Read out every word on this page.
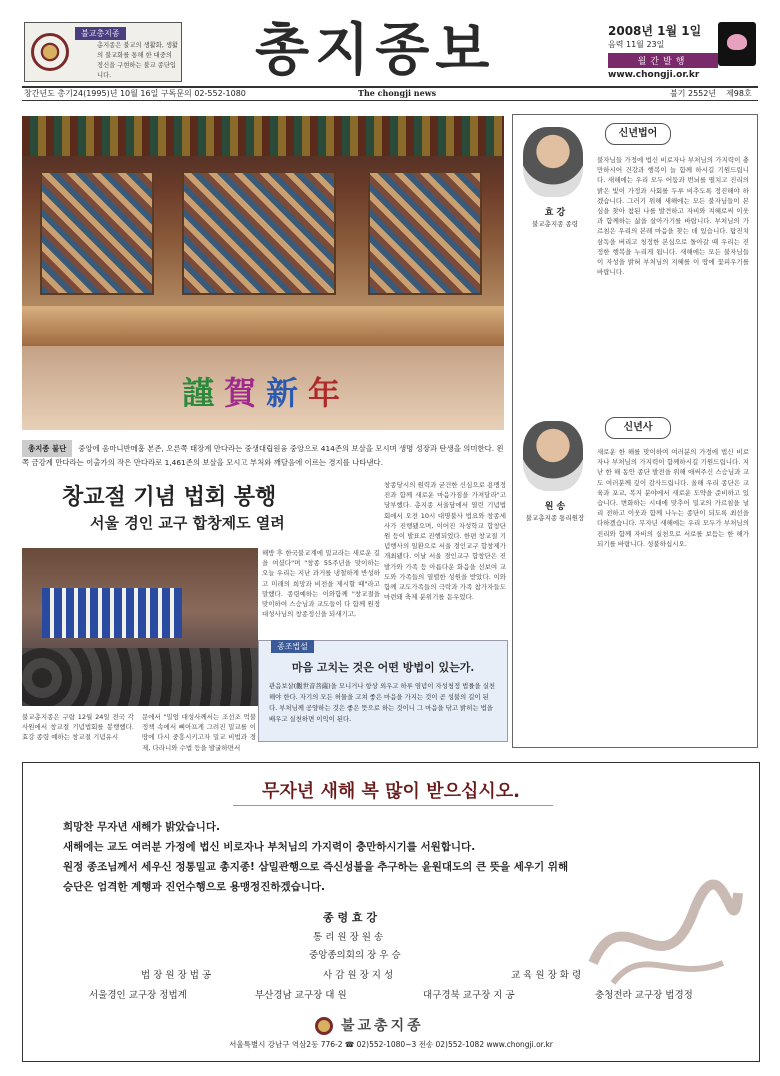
불교총지종
총지종은 불교의 생활화, 생활의 불교화를 통해 한 대중의 정신을 구현하는 불교 종단입니다.	총지종보	2008년 1월 1일
음력 11월 23일
월간발행
www.chongji.or.kr
창간년도 총기24(1995)년 10월 16일 구독문의 02-552-1080	The chongji news	불기 2552년 제98호
謹賀新年
총지종 불단 중앙에 옴마니반메훔 본존, 오른쪽 태장계 만다라는 중생대립원융 중앙으로 414존의 보살을 모시며 생명 성장과 탄생을 의미한다. 왼쪽 금강계 만다라는 이출가의 작은 만다라로 1,461존의 보살을 모시고 부처와 깨달음에 이르는 경지를 나타낸다.
창교절 기념 법회 봉행
서울 경인 교구 합창제도 열려
불교총지종은 구랍 12월 24일 전국 각 사원에서 창교절 기념법회를 봉행했다. 효강 종령 예하는 창교절 기념유시
문에서 "밀엄 대성사께서는 조선조 억불정책 속에서 뼈아프게 그려진 밀교를 이 땅에 다시 중흥시키고자 밀교 비법과 경제, 다라니와 수법 등을 발굴하면서
해방 후 한국불교계에 밀교라는 새로운 길을 여셨다"며 "창종 55주년을 맞이하는 오늘 우리는 지난 과거를 냉철하게 반성하고 미래의 희망과 비전을 제시할 때"라고 말했다. 종령예하는 이와함께 "창교절을 맞이하여 스승님과 교도들이 다 함께 원정 대성사님의 창종정신을 되새기고,
창종당시의 원력과 굳건한 신심으로 용맹정진과 함께 새로운 마음가짐을 가져달라"고 당부했다. 총지종 서울담에서 열린 기념법회에서 오전 10시 대명불사 법요와 창종세사가 진행됐으며, 이어진 자성학교 합창단원 등이 발표로 진행되었다. 한편 창교절 기념행사의 일환으로 서울 경인교구 합창제가 개최됐다. 이날 서울 경인교구 합창단은 진발가와 가족 등 아름다운 화음을 선보여 교도와 가족들의 열렬한 성원을 받았다. 이와함께 교도가족들의 극락과 가족 참가자들도 마련돼 축제 분위기를 돋우었다.
종조법설
마음 고치는 것은 어떤 방법이 있는가.
관음보살(觀世音菩薩)을 모니거나 항상 외우고 하루 염념이 자성청정 법률을 실천해야 한다. 자기의 모든 허물을 고쳐 좋은 마음을 가지는 것이 곧 성불의 길이 된다. 부처님께 공양하는 것은 좋은 뜻으로 하는 것이니 그 마음을 닦고 밝히는 법을 배우고 실천하면 이익이 된다.
신년법어
효 강
불교총지종 종령
불자님들 가정에 법신 비로자나 부처님의 가지력이 충만하시어 건강과 행복이 늘 함께 하시길 기원드립니다. 새해에는 우리 모두 어둠과 번뇌를 떨치고 진리의 밝은 빛이 가정과 사회를 두루 비추도록 정진해야 하겠습니다. 그러기 위해 새해에는 모든 불자님들이 본심을 찾아 참된 나를 발견하고 자비와 지혜로써 이웃과 함께하는 삶을 살아가기를 바랍니다. 부처님의 가르침은 우리의 본래 마음을 찾는 데 있습니다. 탐진치 삼독을 버리고 청정한 본심으로 돌아갈 때 우리는 진정한 행복을 누리게 됩니다. 새해에는 모든 불자님들이 자성을 밝혀 부처님의 지혜를 이 땅에 꽃피우기를 바랍니다.
신년사
원 송
불교총지종 통리원장
새로운 한 해를 맞이하여 여러분의 가정에 법신 비로자나 부처님의 가지력이 함께하시길 기원드립니다. 지난 한 해 동안 종단 발전을 위해 애써주신 스승님과 교도 여러분께 깊이 감사드립니다. 올해 우리 종단은 교육과 포교, 복지 분야에서 새로운 도약을 준비하고 있습니다. 변화하는 시대에 맞추어 밀교의 가르침을 널리 전하고 이웃과 함께 나누는 종단이 되도록 최선을 다하겠습니다. 무자년 새해에는 우리 모두가 부처님의 진리와 함께 자비의 실천으로 서로를 보듬는 한 해가 되기를 바랍니다. 성불하십시오.
무자년 새해 복 많이 받으십시오.
희망찬 무자년 새해가 밝았습니다.
새해에는 교도 여러분 가정에 법신 비로자나 부처님의 가지력이 충만하시기를 서원합니다.
원정 종조님께서 세우신 정통밀교 총지종! 삼밀관행으로 즉신성불을 추구하는 윤원대도의 큰 뜻을 세우기 위해
승단은 엄격한 계행과 진언수행으로 용맹정진하겠습니다.
종 령 효 강
통 리 원 장 원 송
중앙종의회의 장 우 승
법 장 원 장 법 공	사 감 원 장 지 성	교 육 원 장 화 령
서울경인 교구장 정법계	부산경남 교구장 대 원	대구경북 교구장 지 공	충청전라 교구장 법경정
불교총지종
서울특별시 강남구 역삼2동 776-2 ☎ 02)552-1080~3 전송 02)552-1082 www.chongji.or.kr
